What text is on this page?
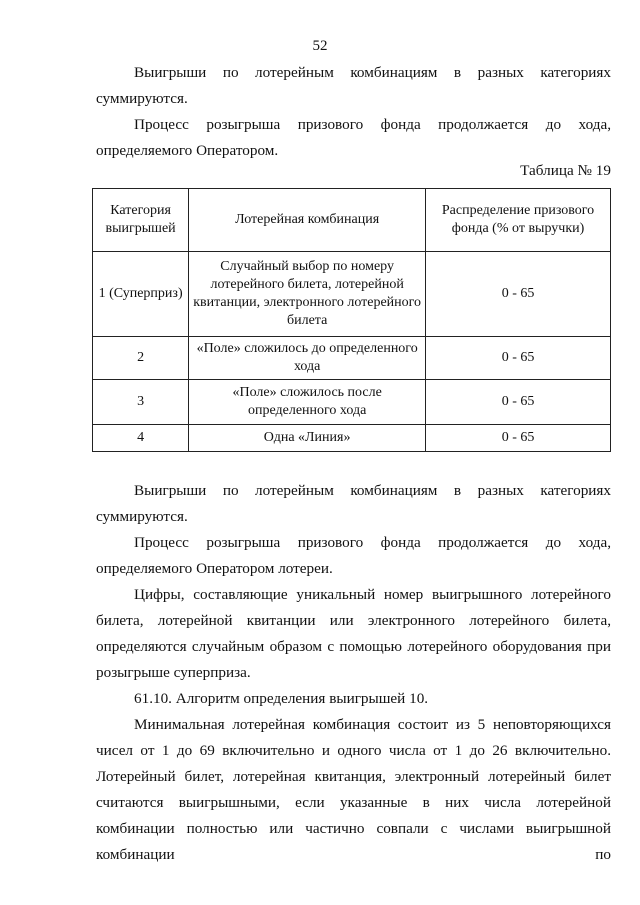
52
Выигрыши по лотерейным комбинациям в разных категориях суммируются.
Процесс розыгрыша призового фонда продолжается до хода, определяемого Оператором.
Таблица № 19
Категория выигрышей	Лотерейная комбинация	Распределение призового фонда (% от выручки)
1 (Суперприз)	Случайный выбор по номеру лотерейного билета, лотерейной квитанции, электронного лотерейного билета	0 - 65
2	«Поле» сложилось до определенного хода	0 - 65
3	«Поле» сложилось после определенного хода	0 - 65
4	Одна «Линия»	0 - 65
Выигрыши по лотерейным комбинациям в разных категориях суммируются.
Процесс розыгрыша призового фонда продолжается до хода, определяемого Оператором лотереи.
Цифры, составляющие уникальный номер выигрышного лотерейного билета, лотерейной квитанции или электронного лотерейного билета, определяются случайным образом с помощью лотерейного оборудования при розыгрыше суперприза.
61.10. Алгоритм определения выигрышей 10.
Минимальная лотерейная комбинация состоит из 5 неповторяющихся чисел от 1 до 69 включительно и одного числа от 1 до 26 включительно. Лотерейный билет, лотерейная квитанция, электронный лотерейный билет считаются выигрышными, если указанные в них числа лотерейной комбинации полностью или частично совпали с числами выигрышной комбинации по
